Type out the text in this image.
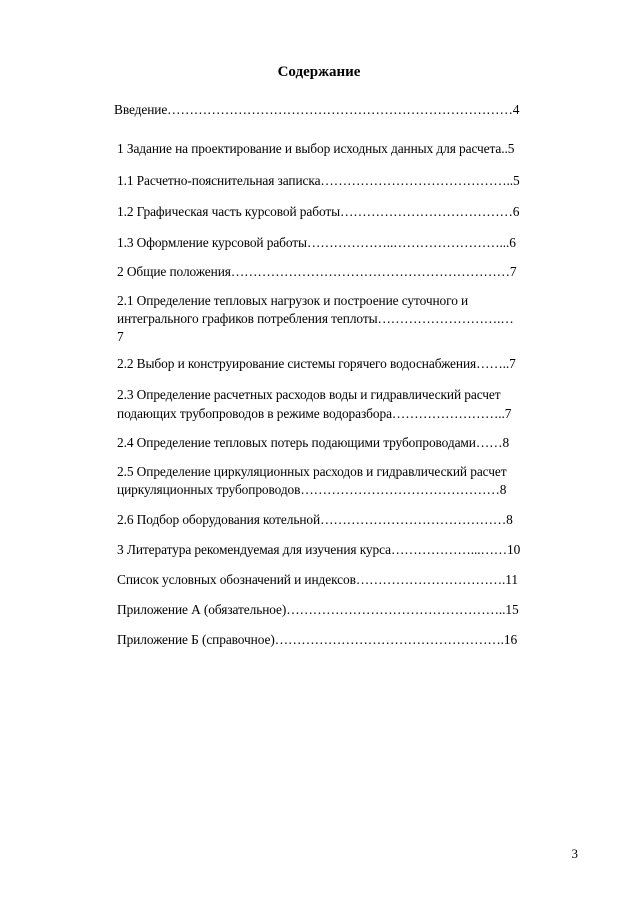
Содержание
Введение……………………………………………………………………4
1 Задание на проектирование и выбор исходных данных для расчета..5
1.1 Расчетно-пояснительная записка……………………………………..5
1.2 Графическая часть курсовой работы…………………………………6
1.3 Оформление курсовой работы………………..……………………...6
2 Общие положения………………………………………………………7
2.1 Определение тепловых нагрузок и построение суточного и
интегрального графиков потребления теплоты……………………….…
7
2.2 Выбор и конструирование системы горячего водоснабжения……..7
2.3 Определение расчетных расходов воды и гидравлический расчет
подающих трубопроводов в режиме водоразбора……………………..7
2.4 Определение тепловых потерь подающими трубопроводами……8
2.5 Определение циркуляционных расходов и гидравлический расчет
циркуляционных трубопроводов………………………………………8
2.6 Подбор оборудования котельной……………………………………8
3 Литература рекомендуемая для изучения курса………………...……10
Список условных обозначений и индексов…………………………….11
Приложение А (обязательное)…………………………………………..15
Приложение Б (справочное)…………………………………………….16
3
